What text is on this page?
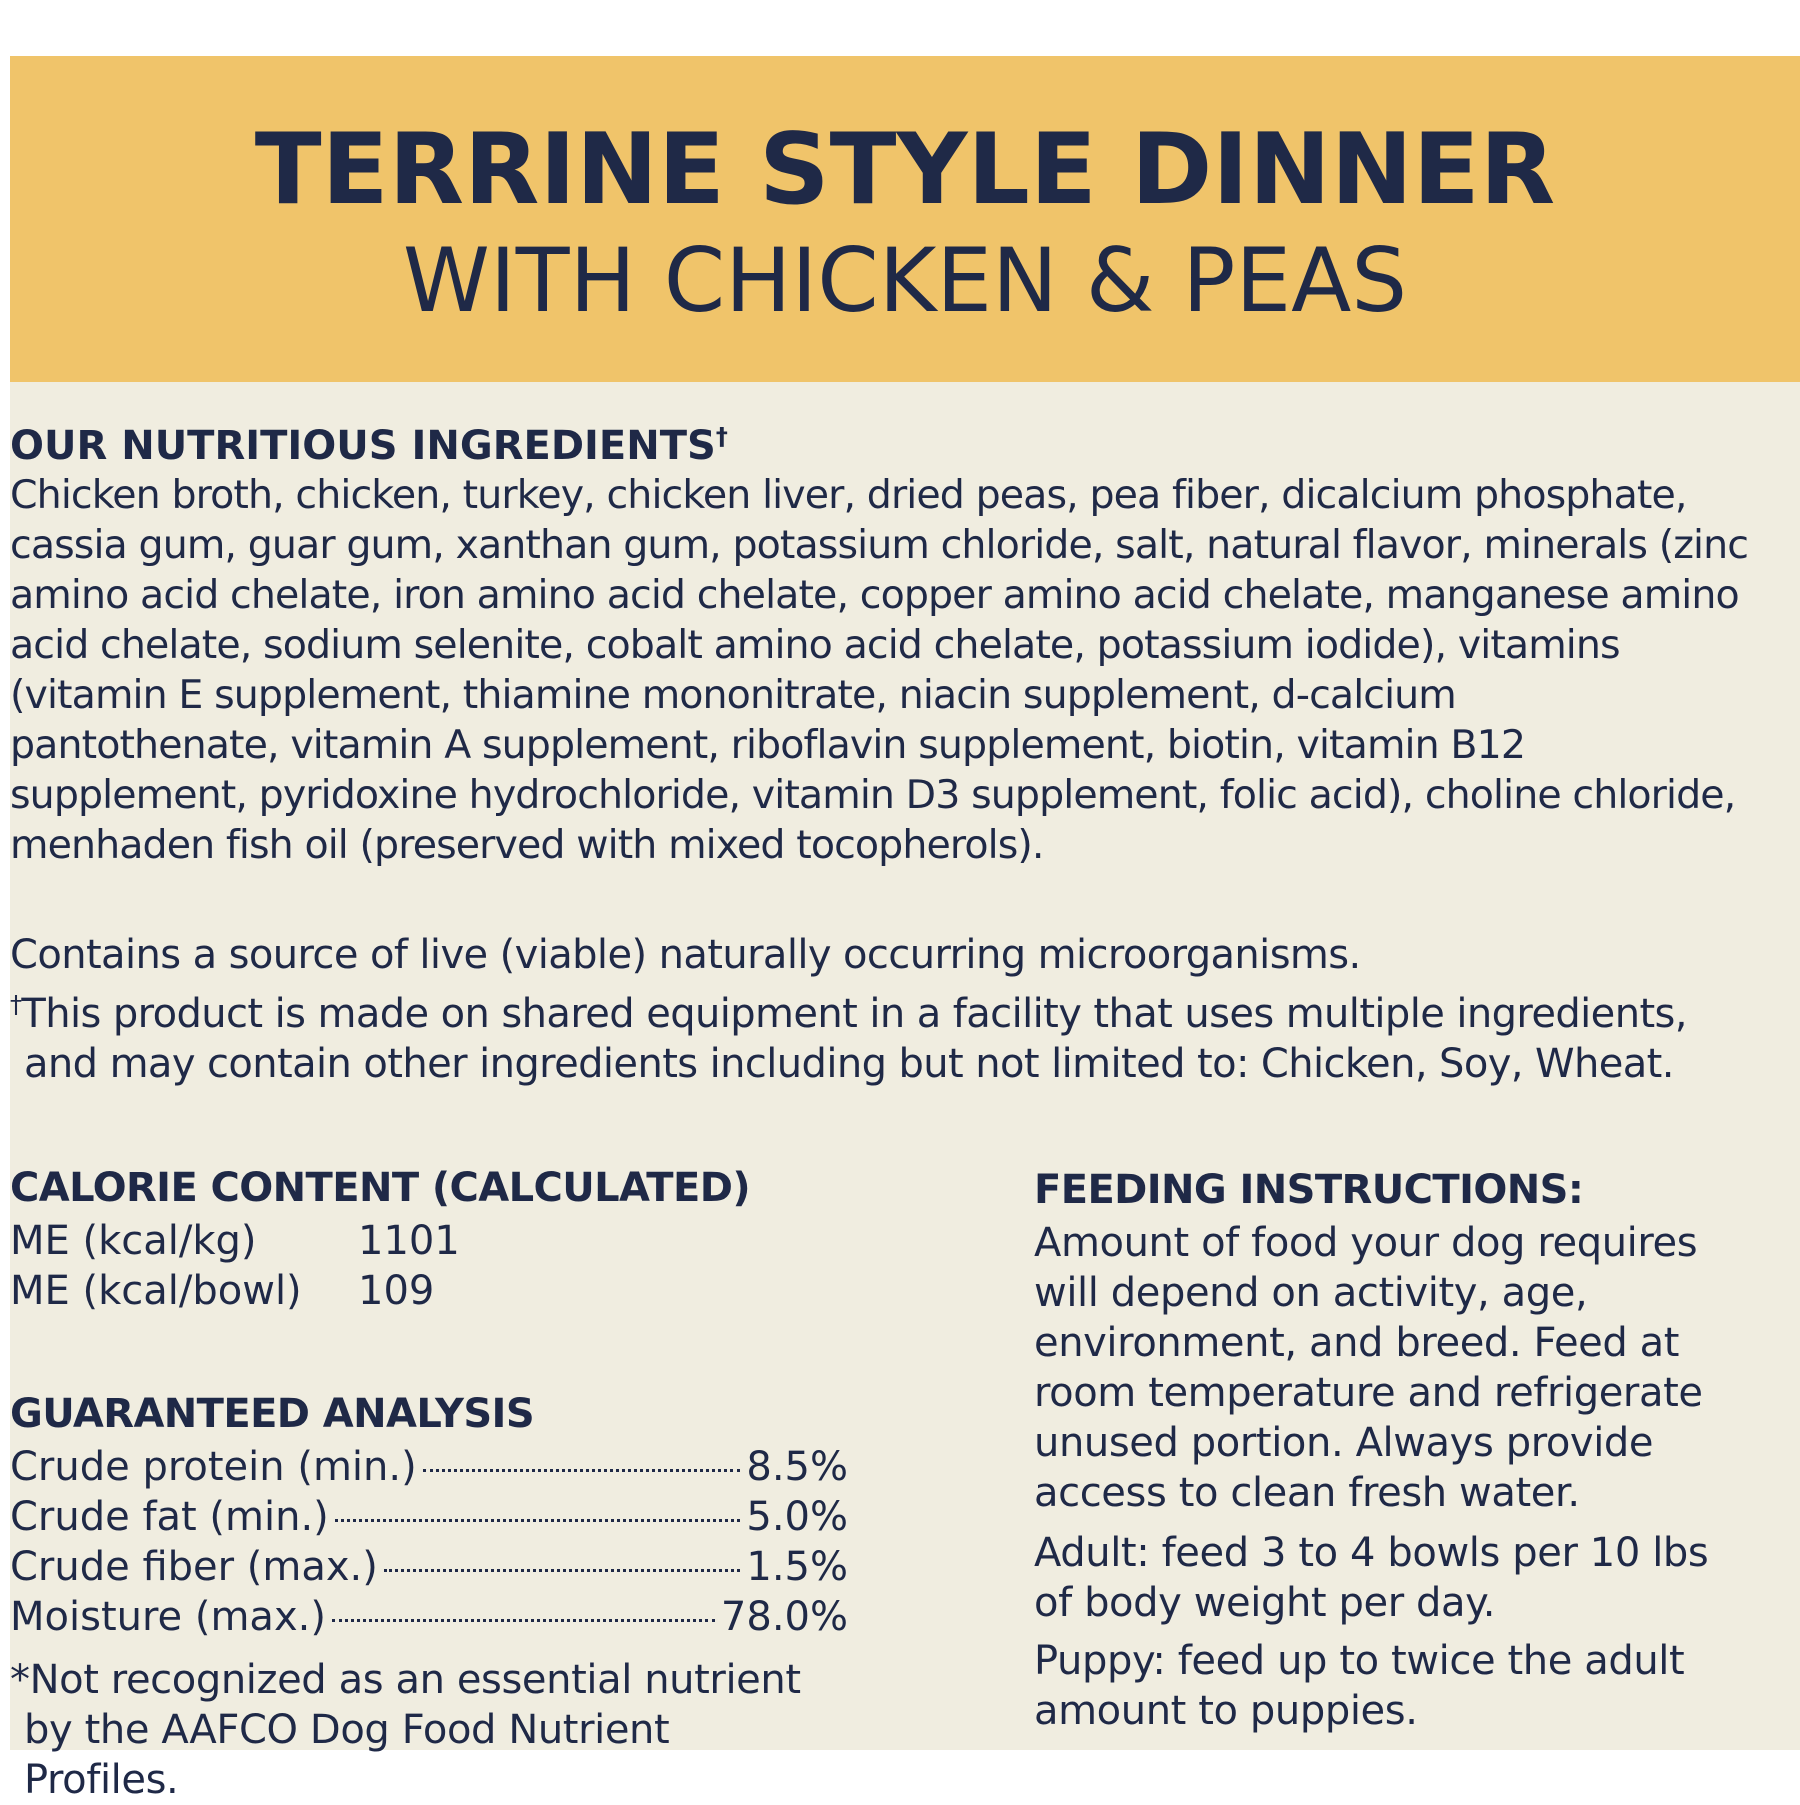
TERRINE STYLE DINNER
WITH CHICKEN & PEAS
OUR NUTRITIOUS INGREDIENTS†
Chicken broth, chicken, turkey, chicken liver, dried peas, pea fiber, dicalcium phosphate,
cassia gum, guar gum, xanthan gum, potassium chloride, salt, natural flavor, minerals (zinc
amino acid chelate, iron amino acid chelate, copper amino acid chelate, manganese amino
acid chelate, sodium selenite, cobalt amino acid chelate, potassium iodide), vitamins
(vitamin E supplement, thiamine mononitrate, niacin supplement, d-calcium
pantothenate, vitamin A supplement, riboflavin supplement, biotin, vitamin B12
supplement, pyridoxine hydrochloride, vitamin D3 supplement, folic acid), choline chloride,
menhaden fish oil (preserved with mixed tocopherols).
Contains a source of live (viable) naturally occurring microorganisms.
†This product is made on shared equipment in a facility that uses multiple ingredients,
and may contain other ingredients including but not limited to: Chicken, Soy, Wheat.
CALORIE CONTENT (CALCULATED)
ME (kcal/kg)	1101
ME (kcal/bowl) 109
GUARANTEED ANALYSIS
Crude protein (min.)	8.5%
Crude fat (min.)	5.0%
Crude fiber (max.)	1.5%
Moisture (max.)	78.0%
*Not recognized as an essential nutrient
by the AAFCO Dog Food Nutrient
Profiles.
FEEDING INSTRUCTIONS:
Amount of food your dog requires
will depend on activity, age,
environment, and breed. Feed at
room temperature and refrigerate
unused portion. Always provide
access to clean fresh water.
Adult: feed 3 to 4 bowls per 10 lbs
of body weight per day.
Puppy: feed up to twice the adult
amount to puppies.
